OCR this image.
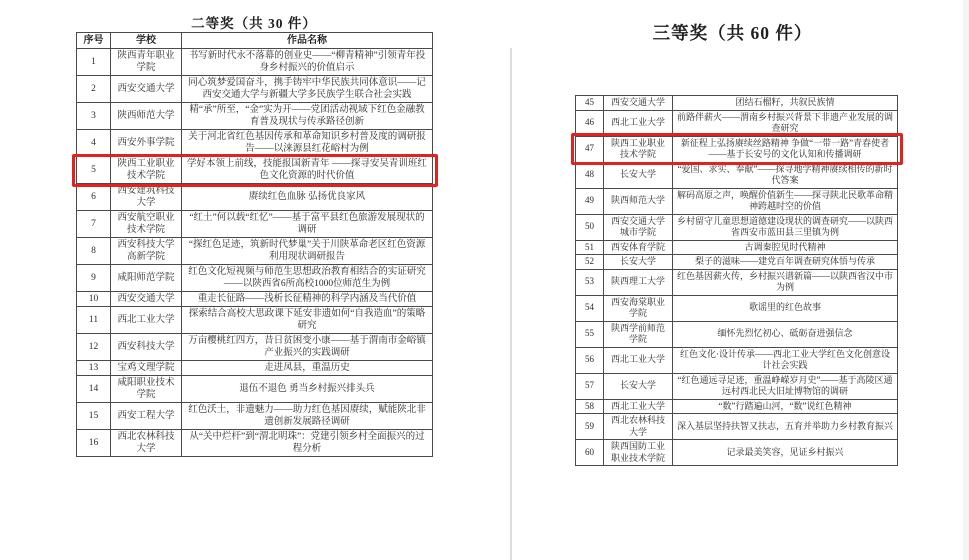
二等奖（共 30 件）
序号	学校	作品名称
1	陕西青年职业学院	书写新时代永不落幕的创业史——“柳青精神”引领青年投身乡村振兴的价值启示
2	西安交通大学	同心筑梦爱国奋斗，携手铸牢中华民族共同体意识——记西安交通大学与新疆大学多民族学生联合社会实践
3	陕西师范大学	精“承”所至，“金”实为开——党团活动视域下红色金融教育普及现状与传承路径创新
4	西安外事学院	关于河北省红色基因传承和革命知识乡村普及度的调研报告——以涞源县红花峪村为例
5	陕西工业职业技术学院	学好本领上前线，技能报国新青年 ——探寻安吴青训班红色文化资源的时代价值
6	西安建筑科技大学	赓续红色血脉 弘扬优良家风
7	西安航空职业技术学院	“红土”何以载“红忆”——基于富平县红色旅游发展现状的调研
8	西安科技大学高新学院	“探红色足迹，筑新时代梦巢”关于川陕革命老区红色资源利用现状调研报告
9	咸阳师范学院	红色文化短视频与师范生思想政治教育相结合的实证研究——以陕西省6所高校1000位师范生为例
10	西安交通大学	重走长征路——浅析长征精神的科学内涵及当代价值
11	西北工业大学	探索结合高校大思政课下延安非遗如何“自我造血”的策略研究
12	西安科技大学	万亩樱桃红四方，昔日贫困变小康——基于渭南市金峪镇产业振兴的实践调研
13	宝鸡文理学院	走进凤县，重温历史
14	咸阳职业技术学院	退伍不退色 勇当乡村振兴排头兵
15	西安工程大学	红色沃土，非遗魅力——助力红色基因赓续，赋能陕北非遗创新发展路径调研
16	西北农林科技大学	从“关中烂杆”到“渭北明珠”：党建引领乡村全面振兴的过程分析
三等奖（共 60 件）
45	西安交通大学	团结石榴籽，共叙民族情
46	西北工业大学	前路伴薪火——渭南乡村振兴背景下非遗产业发展的调查研究
47	陕西工业职业技术学院	新征程上弘扬赓续丝路精神 争做“一带一路”青春使者——基于长安号的文化认知和传播调研
48	长安大学	“爱国、求实、奉献”——探寻地学精神赓续相传的新时代答案
49	陕西师范大学	解码高原之声，唤醒价值新生——探寻陕北民歌革命精神跨越时空的价值
50	西安交通大学城市学院	乡村留守儿童思想道德建设现状的调查研究——以陕西省西安市蓝田县三里镇为例
51	西安体育学院	古调秦腔见时代精神
52	长安大学	梨子的滋味——建党百年调查研究体悟与传承
53	陕西理工大学	红色基因薪火传，乡村振兴谱新篇——以陕西省汉中市为例
54	西安海棠职业学院	歌谣里的红色故事
55	陕西学前师范学院	缅怀先烈忆初心、砥砺奋进强信念
56	西北工业大学	红色文化·设计传承——西北工业大学红色文化创意设计社会实践
57	长安大学	“红色通远寻足迹，重温峥嵘岁月史”——基于高陵区通远村西北民大旧址博物馆的调研
58	西北工业大学	“数”行踏遍山河，“数”说红色精神
59	西北农林科技大学	深入基层坚持扶智又扶志，五育并举助力乡村教育振兴
60	陕西国防工业职业技术学院	记录最美笑容，见证乡村振兴
